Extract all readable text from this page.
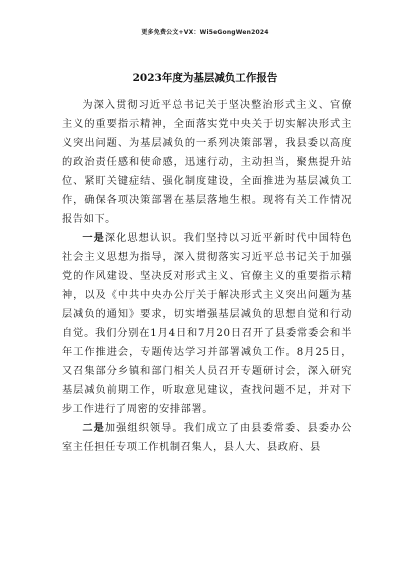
更多免费公文+VX：Wi5eGongWen2024
2023年度为基层减负工作报告

为深入贯彻习近平总书记关于坚决整治形式主义、官僚主义的重要指示精神，全面落实党中央关于切实解决形式主义突出问题、为基层减负的一系列决策部署，我县委以高度的政治责任感和使命感，迅速行动，主动担当，聚焦提升站位、紧盯关键症结、强化制度建设，全面推进为基层减负工作，确保各项决策部署在基层落地生根。现将有关工作情况报告如下。

一是深化思想认识。我们坚持以习近平新时代中国特色社会主义思想为指导，深入贯彻落实习近平总书记关于加强党的作风建设、坚决反对形式主义、官僚主义的重要指示精神，以及《中共中央办公厅关于解决形式主义突出问题为基层减负的通知》要求，切实增强基层减负的思想自觉和行动自觉。我们分别在1月4日和7月20日召开了县委常委会和半年工作推进会，专题传达学习并部署减负工作。8月25日，又召集部分乡镇和部门相关人员召开专题研讨会，深入研究基层减负前期工作，听取意见建议，查找问题不足，并对下步工作进行了周密的安排部署。

二是加强组织领导。我们成立了由县委常委、县委办公室主任担任专项工作机制召集人，县人大、县政府、县
